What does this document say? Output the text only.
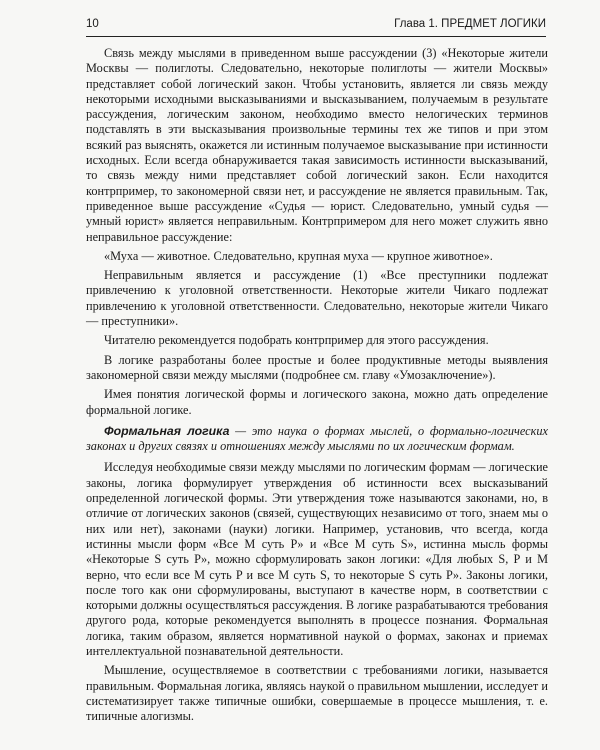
10	Глава 1. ПРЕДМЕТ ЛОГИКИ

Связь между мыслями в приведенном выше рассуждении (3) «Некоторые жители Москвы — полиглоты. Следовательно, некоторые полиглоты — жители Москвы» представляет собой логический закон. Чтобы установить, является ли связь между некоторыми исходными высказываниями и высказыванием, получаемым в результате рассуждения, логическим законом, необходимо вместо нелогических терминов подставлять в эти высказывания произвольные термины тех же типов и при этом всякий раз выяснять, окажется ли истинным получаемое высказывание при истинности исходных. Если всегда обнаруживается такая зависимость истинности высказываний, то связь между ними представляет собой логический закон. Если находится контрпример, то закономерной связи нет, и рассуждение не является правильным. Так, приведенное выше рассуждение «Судья — юрист. Следовательно, умный судья — умный юрист» является неправильным. Контрпримером для него может служить явно неправильное рассуждение:

«Муха — животное. Следовательно, крупная муха — крупное животное».

Неправильным является и рассуждение (1) «Все преступники подлежат привлечению к уголовной ответственности. Некоторые жители Чикаго подлежат привлечению к уголовной ответственности. Следовательно, некоторые жители Чикаго — преступники».

Читателю рекомендуется подобрать контрпример для этого рассуждения.

В логике разработаны более простые и более продуктивные методы выявления закономерной связи между мыслями (подробнее см. главу «Умозаключение»).

Имея понятия логической формы и логического закона, можно дать определение формальной логике.

Формальная логика — это наука о формах мыслей, о формально-логических законах и других связях и отношениях между мыслями по их логическим формам.

Исследуя необходимые связи между мыслями по логическим формам — логические законы, логика формулирует утверждения об истинности всех высказываний определенной логической формы. Эти утверждения тоже называются законами, но, в отличие от логических законов (связей, существующих независимо от того, знаем мы о них или нет), законами (науки) логики. Например, установив, что всегда, когда истинны мысли форм «Все M суть P» и «Все M суть S», истинна мысль формы «Некоторые S суть P», можно сформулировать закон логики: «Для любых S, P и M верно, что если все M суть P и все M суть S, то некоторые S суть P». Законы логики, после того как они сформулированы, выступают в качестве норм, в соответствии с которыми должны осуществляться рассуждения. В логике разрабатываются требования другого рода, которые рекомендуется выполнять в процессе познания. Формальная логика, таким образом, является нормативной наукой о формах, законах и приемах интеллектуальной познавательной деятельности.

Мышление, осуществляемое в соответствии с требованиями логики, называется правильным. Формальная логика, являясь наукой о правильном мышлении, исследует и систематизирует также типичные ошибки, совершаемые в процессе мышления, т. е. типичные алогизмы.
